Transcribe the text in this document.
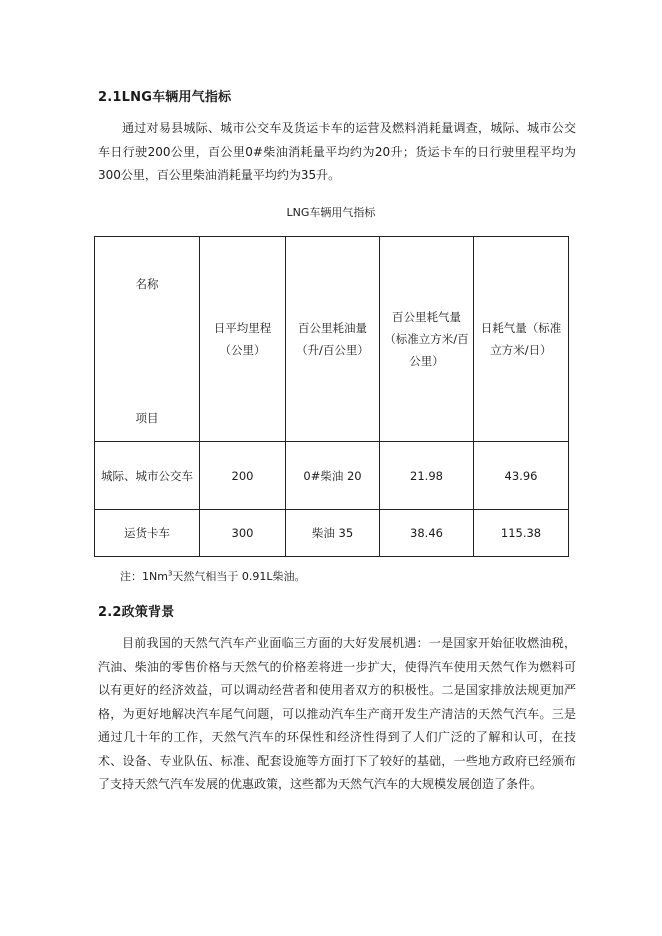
2.1LNG车辆用气指标
通过对易县城际、城市公交车及货运卡车的运营及燃料消耗量调查，城际、城市公交车日行驶200公里，百公里0#柴油消耗量平均约为20升；货运卡车的日行驶里程平均为300公里，百公里柴油消耗量平均约为35升。
LNG车辆用气指标
名称
项目	日平均里程（公里）	百公里耗油量（升/百公里）	百公里耗气量（标准立方米/百公里）	日耗气量（标准立方米/日）
城际、城市公交车	200	0#柴油 20	21.98	43.96
运货卡车	300	柴油 35	38.46	115.38
注：1Nm$^3$天然气相当于 0.91L柴油。
2.2政策背景
目前我国的天然气汽车产业面临三方面的大好发展机遇：一是国家开始征收燃油税，汽油、柴油的零售价格与天然气的价格差将进一步扩大，使得汽车使用天然气作为燃料可以有更好的经济效益，可以调动经营者和使用者双方的积极性。二是国家排放法规更加严格，为更好地解决汽车尾气问题，可以推动汽车生产商开发生产清洁的天然气汽车。三是通过几十年的工作，天然气汽车的环保性和经济性得到了人们广泛的了解和认可，在技术、设备、专业队伍、标准、配套设施等方面打下了较好的基础，一些地方政府已经颁布了支持天然气汽车发展的优惠政策，这些都为天然气汽车的大规模发展创造了条件。
